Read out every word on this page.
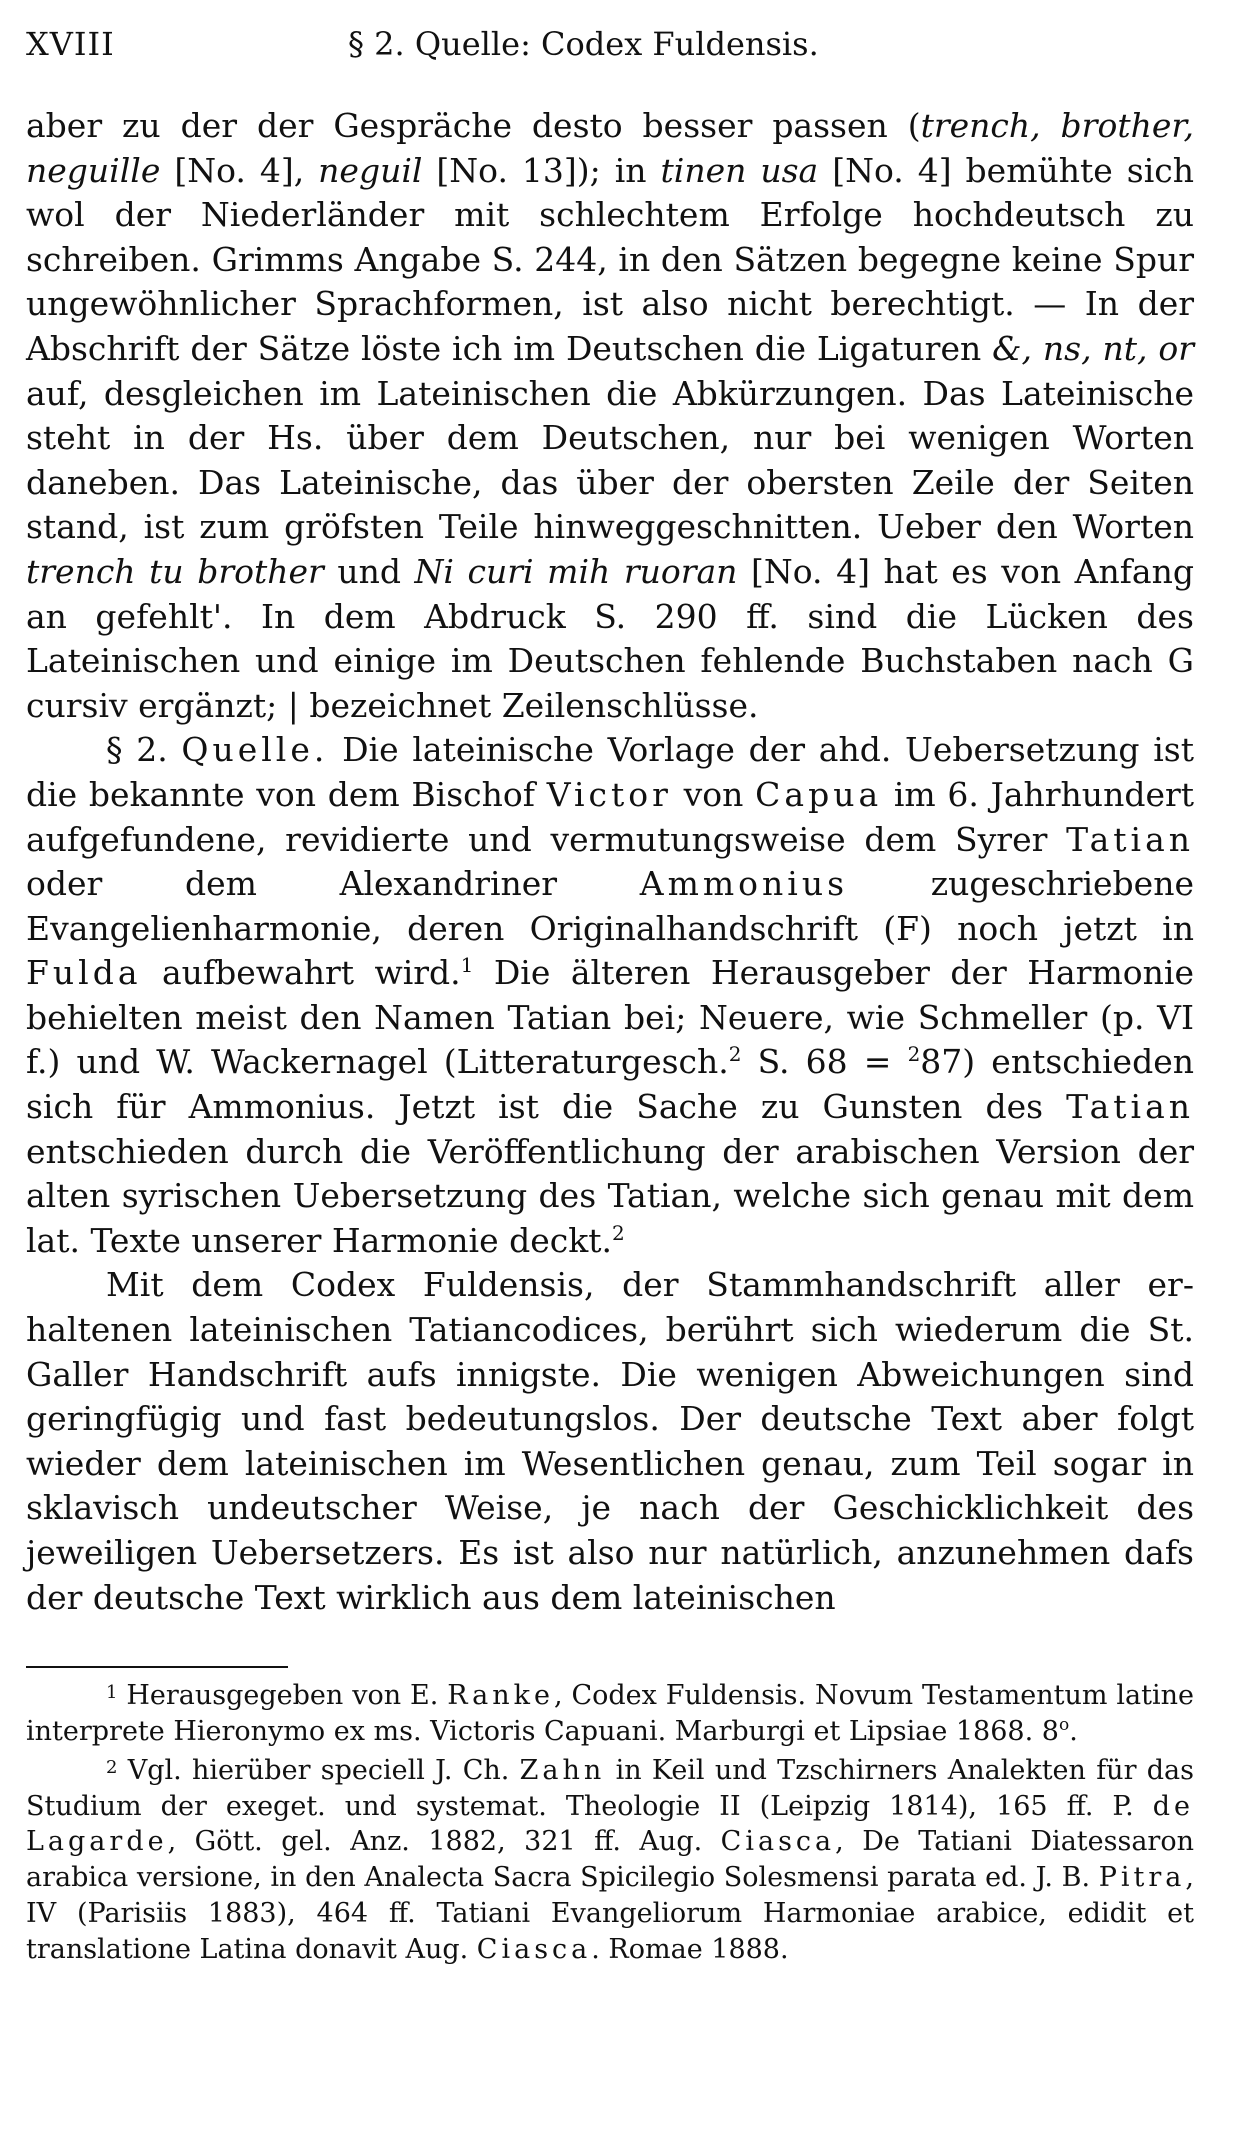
XVIII	§ 2. Quelle: Codex Fuldensis.

aber zu der der Gespräche desto besser passen (trench, brother, neguille [No. 4], neguil [No. 13]); in tinen usa [No. 4] bemühte sich wol der Niederländer mit schlechtem Erfolge hochdeutsch zu schreiben. Grimms Angabe S. 244, in den Sätzen begegne keine Spur ungewöhnlicher Sprachformen, ist also nicht berechtigt. — In der Abschrift der Sätze löste ich im Deutschen die Ligaturen &, ns, nt, or auf, desgleichen im Lateinischen die Abkürzungen. Das Lateinische steht in der Hs. über dem Deutschen, nur bei wenigen Worten daneben. Das Lateinische, das über der obersten Zeile der Seiten stand, ist zum gröfsten Teile hinweggeschnitten. Ueber den Worten trench tu brother und Ni curi mih ruoran [No. 4] hat es von Anfang an gefehlt'. In dem Abdruck S. 290 ff. sind die Lücken des Lateinischen und einige im Deutschen fehlende Buchstaben nach G cursiv ergänzt; | bezeichnet Zeilenschlüsse.

§ 2. Quelle. Die lateinische Vorlage der ahd. Uebersetzung ist die bekannte von dem Bischof Victor von Capua im 6. Jahrhundert aufgefundene, revidierte und vermutungsweise dem Syrer Tatian oder dem Alexandriner Ammonius zugeschriebene Evangelienharmonie, deren Originalhandschrift (F) noch jetzt in Fulda aufbewahrt wird.$^1$ Die älteren Herausgeber der Harmonie behielten meist den Namen Tatian bei; Neuere, wie Schmeller (p. VI f.) und W. Wackernagel (Litteraturgesch.$^2$ S. 68 = $^2$87) entschieden sich für Ammonius. Jetzt ist die Sache zu Gunsten des Tatian entschieden durch die Veröffentlichung der arabischen Version der alten syrischen Uebersetzung des Tatian, welche sich genau mit dem lat. Texte unserer Harmonie deckt.$^2$

Mit dem Codex Fuldensis, der Stammhandschrift aller erhaltenen lateinischen Tatiancodices, berührt sich wiederum die St. Galler Handschrift aufs innigste. Die wenigen Abweichungen sind geringfügig und fast bedeutungslos. Der deutsche Text aber folgt wieder dem lateinischen im Wesentlichen genau, zum Teil sogar in sklavisch undeutscher Weise, je nach der Geschicklichkeit des jeweiligen Uebersetzers. Es ist also nur natürlich, anzunehmen dafs der deutsche Text wirklich aus dem lateinischen

$^1$ Herausgegeben von E. Ranke, Codex Fuldensis. Novum Testamentum latine interprete Hieronymo ex ms. Victoris Capuani. Marburgi et Lipsiae 1868. 8$^o$.

$^2$ Vgl. hierüber speciell J. Ch. Zahn in Keil und Tzschirners Analekten für das Studium der exeget. und systemat. Theologie II (Leipzig 1814), 165 ff. P. de Lagarde, Gött. gel. Anz. 1882, 321 ff. Aug. Ciasca, De Tatiani Diatessaron arabica versione, in den Analecta Sacra Spicilegio Solesmensi parata ed. J. B. Pitra, IV (Parisiis 1883), 464 ff. Tatiani Evangeliorum Harmoniae arabice, edidit et translatione Latina donavit Aug. Ciasca. Romae 1888.
